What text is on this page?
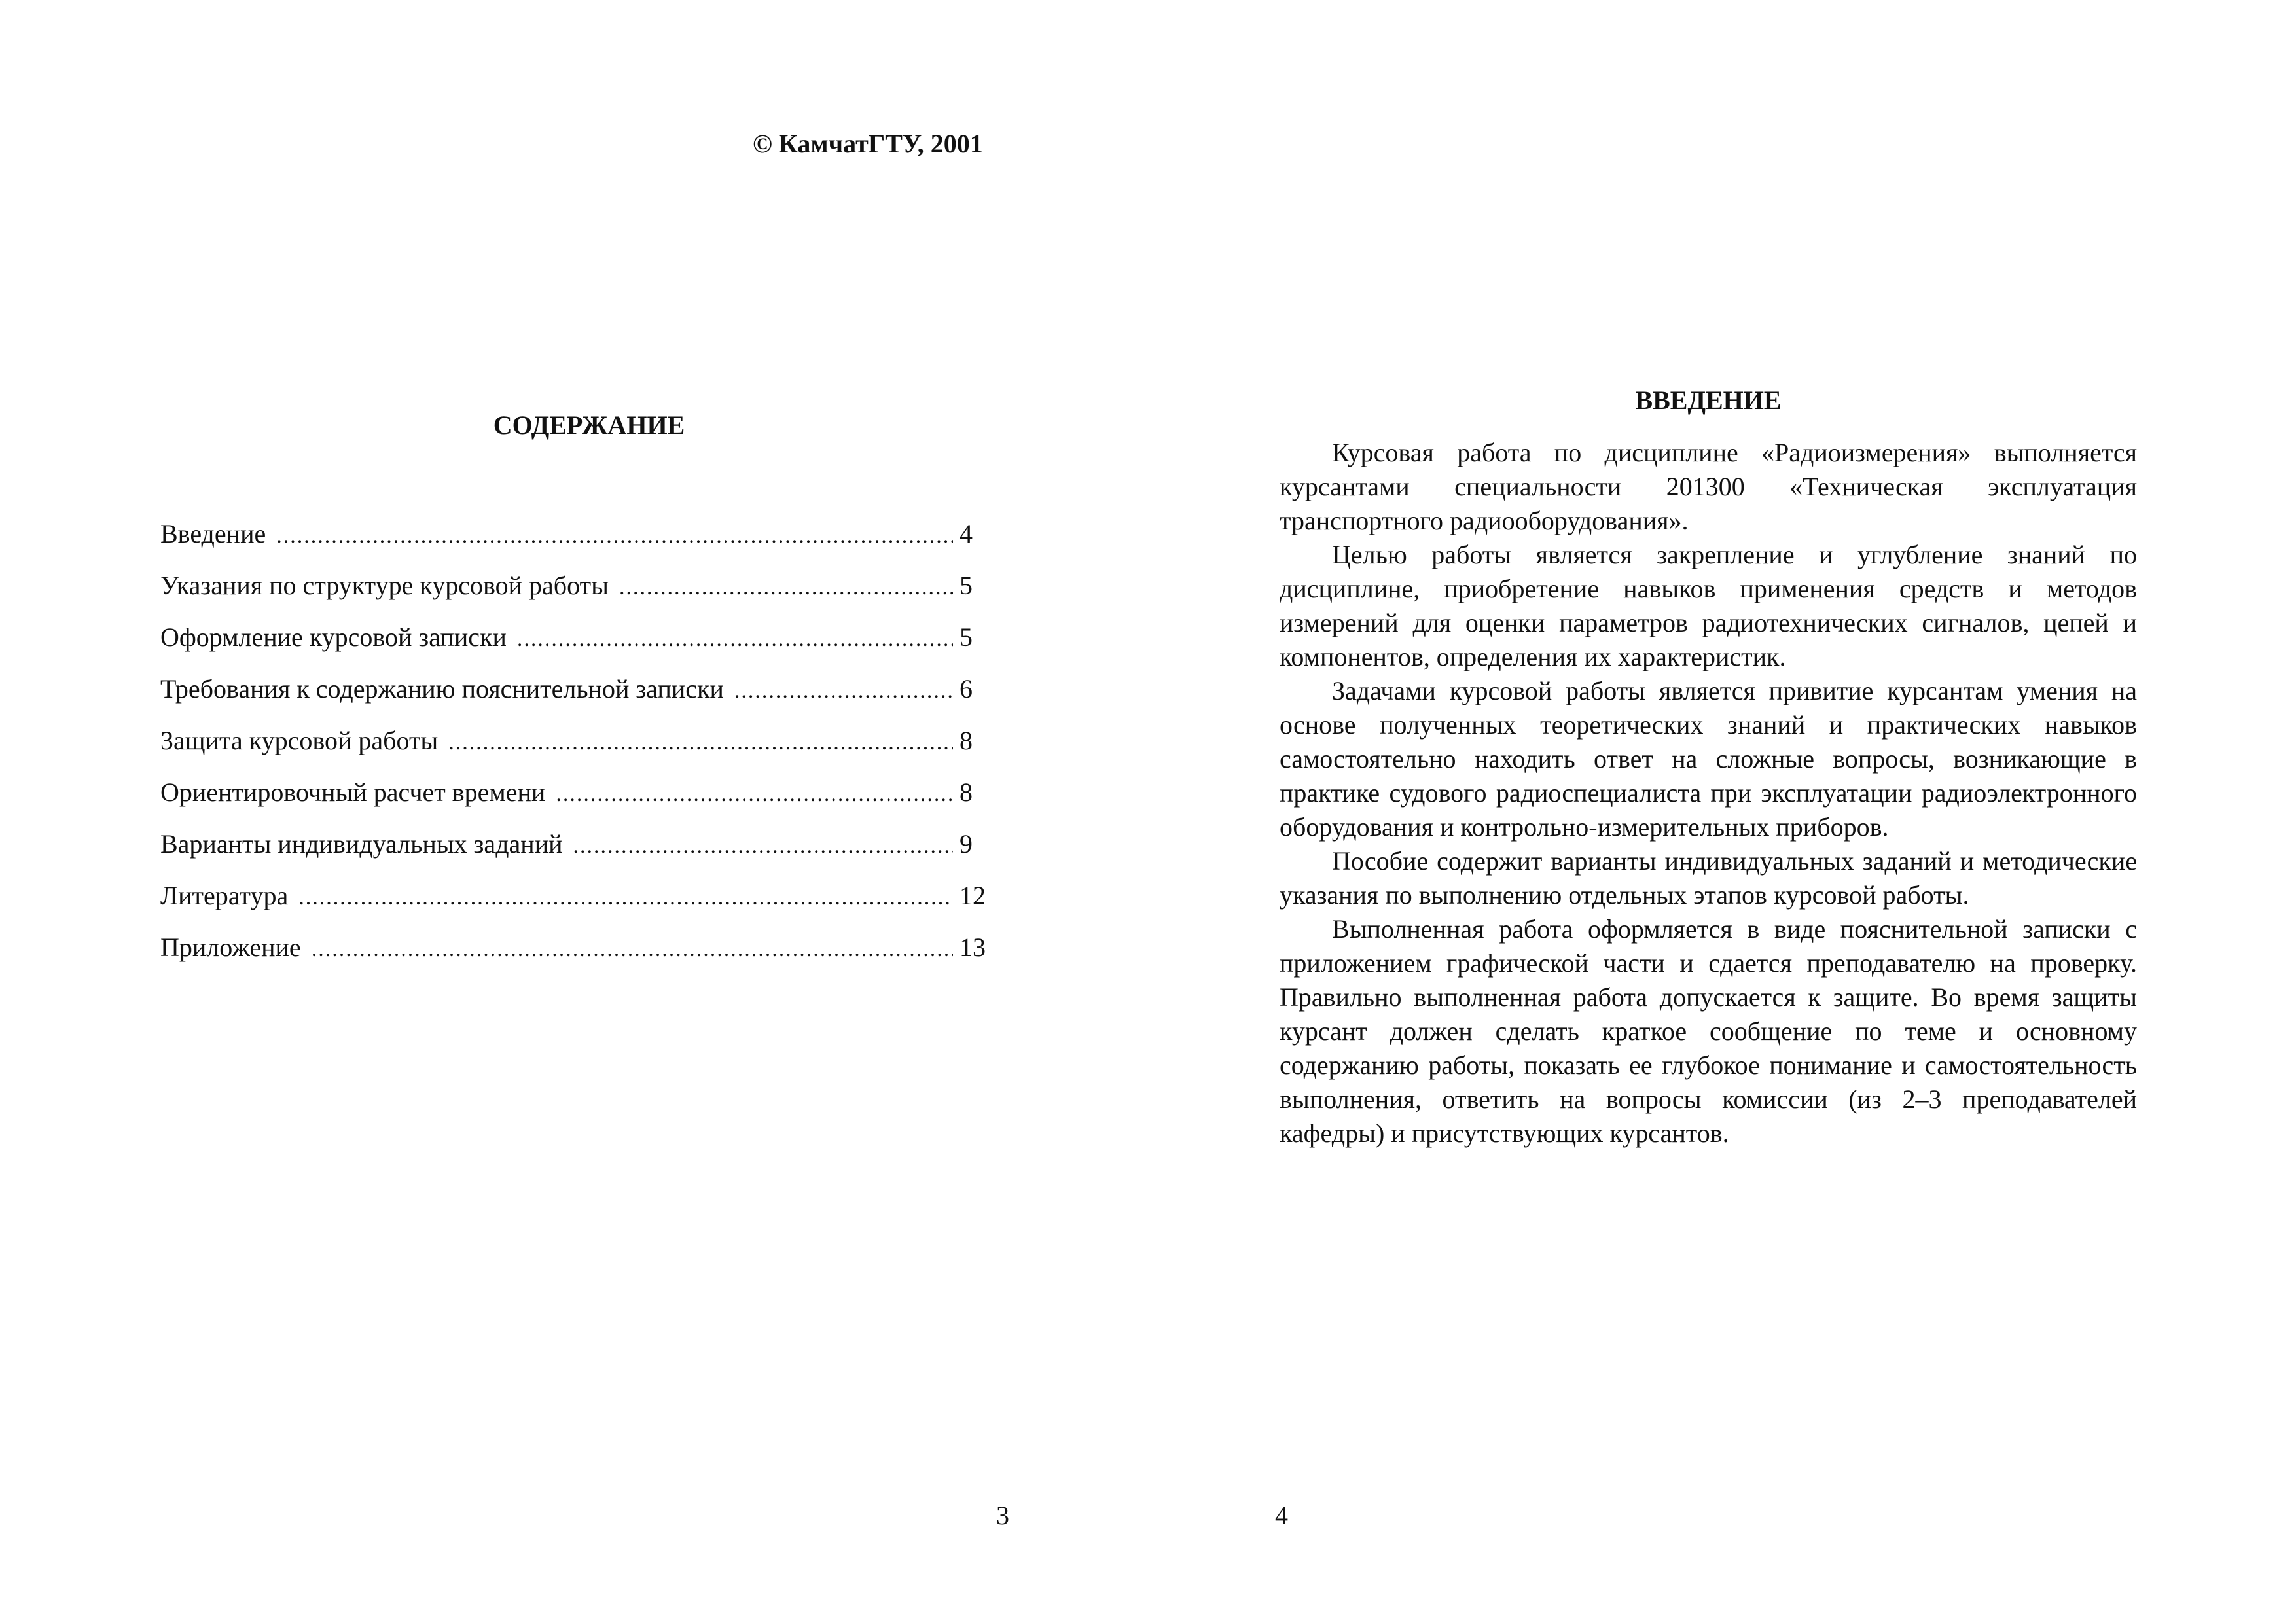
© КамчатГТУ, 2001
СОДЕРЖАНИЕ
Введение .....	4
Указания по структуре курсовой работы .....	5
Оформление курсовой записки .....	5
Требования к содержанию пояснительной записки .....	6
Защита курсовой работы .....	8
Ориентировочный расчет времени .....	8
Варианты индивидуальных заданий .....	9
Литература .....	12
Приложение .....	13
3
ВВЕДЕНИЕ

Курсовая работа по дисциплине «Радиоизмерения» выполняется курсантами специальности 201300 «Техническая эксплуатация транспортного радиооборудования».

Целью работы является закрепление и углубление знаний по дисциплине, приобретение навыков применения средств и методов измерений для оценки параметров радиотехнических сигналов, цепей и компонентов, определения их характеристик.

Задачами курсовой работы является привитие курсантам умения на основе полученных теоретических знаний и практических навыков самостоятельно находить ответ на сложные вопросы, возникающие в практике судового радиоспециалиста при эксплуатации радиоэлектронного оборудования и контрольно-измерительных приборов.

Пособие содержит варианты индивидуальных заданий и методические указания по выполнению отдельных этапов курсовой работы.

Выполненная работа оформляется в виде пояснительной записки с приложением графической части и сдается преподавателю на проверку. Правильно выполненная работа допускается к защите. Во время защиты курсант должен сделать краткое сообщение по теме и основному содержанию работы, показать ее глубокое понимание и самостоятельность выполнения, ответить на вопросы комиссии (из 2–3 преподавателей кафедры) и присутствующих курсантов.

4
